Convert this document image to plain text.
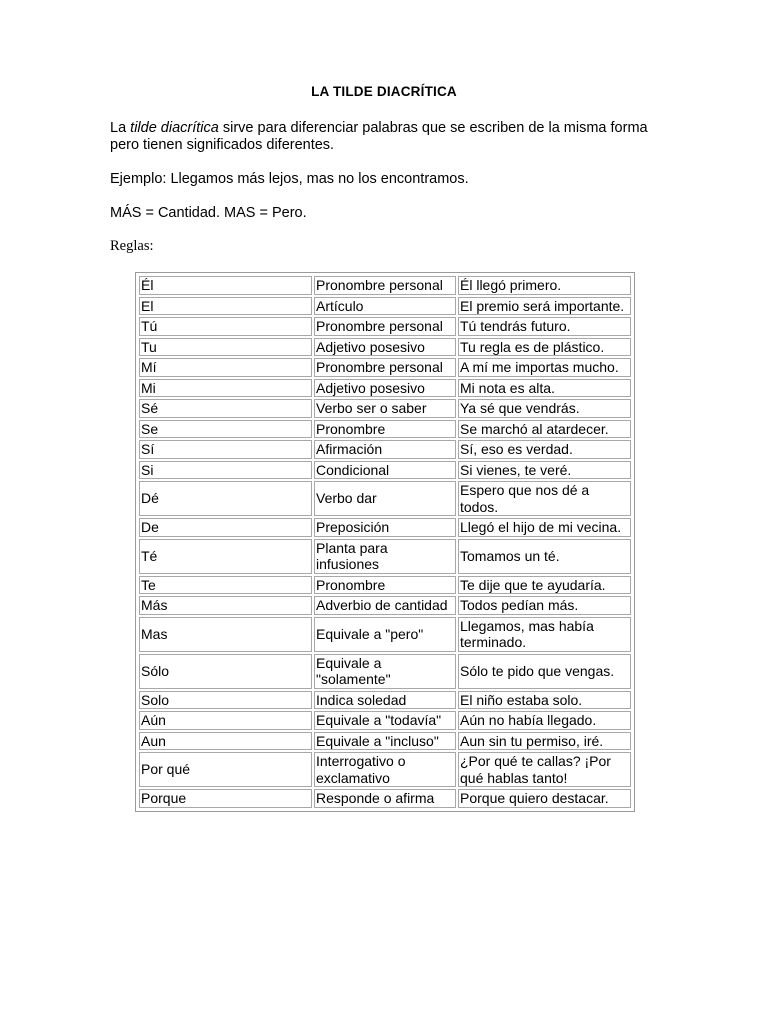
LA TILDE DIACRÍTICA
La tilde diacrítica sirve para diferenciar palabras que se escriben de la misma forma pero tienen significados diferentes.
Ejemplo: Llegamos más lejos, mas no los encontramos.
MÁS = Cantidad. MAS = Pero.
Reglas:
Él	Pronombre personal	Él llegó primero.
El	Artículo	El premio será importante.
Tú	Pronombre personal	Tú tendrás futuro.
Tu	Adjetivo posesivo	Tu regla es de plástico.
Mí	Pronombre personal	A mí me importas mucho.
Mi	Adjetivo posesivo	Mi nota es alta.
Sé	Verbo ser o saber	Ya sé que vendrás.
Se	Pronombre	Se marchó al atardecer.
Sí	Afirmación	Sí, eso es verdad.
Si	Condicional	Si vienes, te veré.
Dé	Verbo dar	Espero que nos dé a todos.
De	Preposición	Llegó el hijo de mi vecina.
Té	Planta para infusiones	Tomamos un té.
Te	Pronombre	Te dije que te ayudaría.
Más	Adverbio de cantidad	Todos pedían más.
Mas	Equivale a "pero"	Llegamos, mas había terminado.
Sólo	Equivale a "solamente"	Sólo te pido que vengas.
Solo	Indica soledad	El niño estaba solo.
Aún	Equivale a "todavía"	Aún no había llegado.
Aun	Equivale a "incluso"	Aun sin tu permiso, iré.
Por qué	Interrogativo o exclamativo	¿Por qué te callas? ¡Por qué hablas tanto!
Porque	Responde o afirma	Porque quiero destacar.
